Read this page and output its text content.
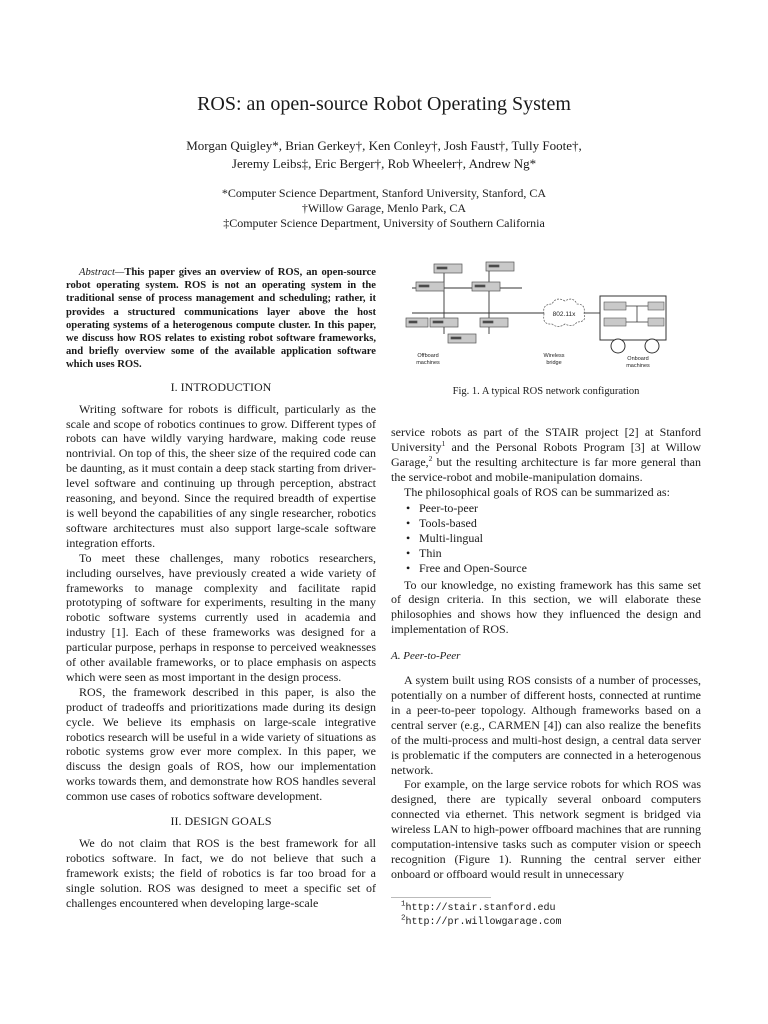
ROS: an open-source Robot Operating System
Morgan Quigley*, Brian Gerkey†, Ken Conley†, Josh Faust†, Tully Foote†,
Jeremy Leibs‡, Eric Berger†, Rob Wheeler†, Andrew Ng*
*Computer Science Department, Stanford University, Stanford, CA
†Willow Garage, Menlo Park, CA
‡Computer Science Department, University of Southern California

Abstract—This paper gives an overview of ROS, an open-source robot operating system. ROS is not an operating system in the traditional sense of process management and scheduling; rather, it provides a structured communications layer above the host operating systems of a heterogenous compute cluster. In this paper, we discuss how ROS relates to existing robot software frameworks, and briefly overview some of the available application software which uses ROS.

I. INTRODUCTION

Writing software for robots is difficult, particularly as the scale and scope of robotics continues to grow. Different types of robots can have wildly varying hardware, making code reuse nontrivial. On top of this, the sheer size of the required code can be daunting, as it must contain a deep stack starting from driver-level software and continuing up through perception, abstract reasoning, and beyond. Since the required breadth of expertise is well beyond the capabilities of any single researcher, robotics software architectures must also support large-scale software integration efforts.

To meet these challenges, many robotics researchers, including ourselves, have previously created a wide variety of frameworks to manage complexity and facilitate rapid prototyping of software for experiments, resulting in the many robotic software systems currently used in academia and industry [1]. Each of these frameworks was designed for a particular purpose, perhaps in response to perceived weaknesses of other available frameworks, or to place emphasis on aspects which were seen as most important in the design process.

ROS, the framework described in this paper, is also the product of tradeoffs and prioritizations made during its design cycle. We believe its emphasis on large-scale integrative robotics research will be useful in a wide variety of situations as robotic systems grow ever more complex. In this paper, we discuss the design goals of ROS, how our implementation works towards them, and demonstrate how ROS handles several common use cases of robotics software development.

II. DESIGN GOALS

We do not claim that ROS is the best framework for all robotics software. In fact, we do not believe that such a framework exists; the field of robotics is far too broad for a single solution. ROS was designed to meet a specific set of challenges encountered when developing large-scale

802.11x
Offboard
machines
Wireless
bridge
Onboard
machines
Fig. 1. A typical ROS network configuration

service robots as part of the STAIR project [2] at Stanford University$^1$ and the Personal Robots Program [3] at Willow Garage,$^2$ but the resulting architecture is far more general than the service-robot and mobile-manipulation domains.

The philosophical goals of ROS can be summarized as:

• Peer-to-peer
• Tools-based
• Multi-lingual
• Thin
• Free and Open-Source

To our knowledge, no existing framework has this same set of design criteria. In this section, we will elaborate these philosophies and shows how they influenced the design and implementation of ROS.

A. Peer-to-Peer

A system built using ROS consists of a number of processes, potentially on a number of different hosts, connected at runtime in a peer-to-peer topology. Although frameworks based on a central server (e.g., CARMEN [4]) can also realize the benefits of the multi-process and multi-host design, a central data server is problematic if the computers are connected in a heterogenous network.

For example, on the large service robots for which ROS was designed, there are typically several onboard computers connected via ethernet. This network segment is bridged via wireless LAN to high-power offboard machines that are running computation-intensive tasks such as computer vision or speech recognition (Figure 1). Running the central server either onboard or offboard would result in unnecessary

$^1$http://stair.stanford.edu
$^2$http://pr.willowgarage.com
